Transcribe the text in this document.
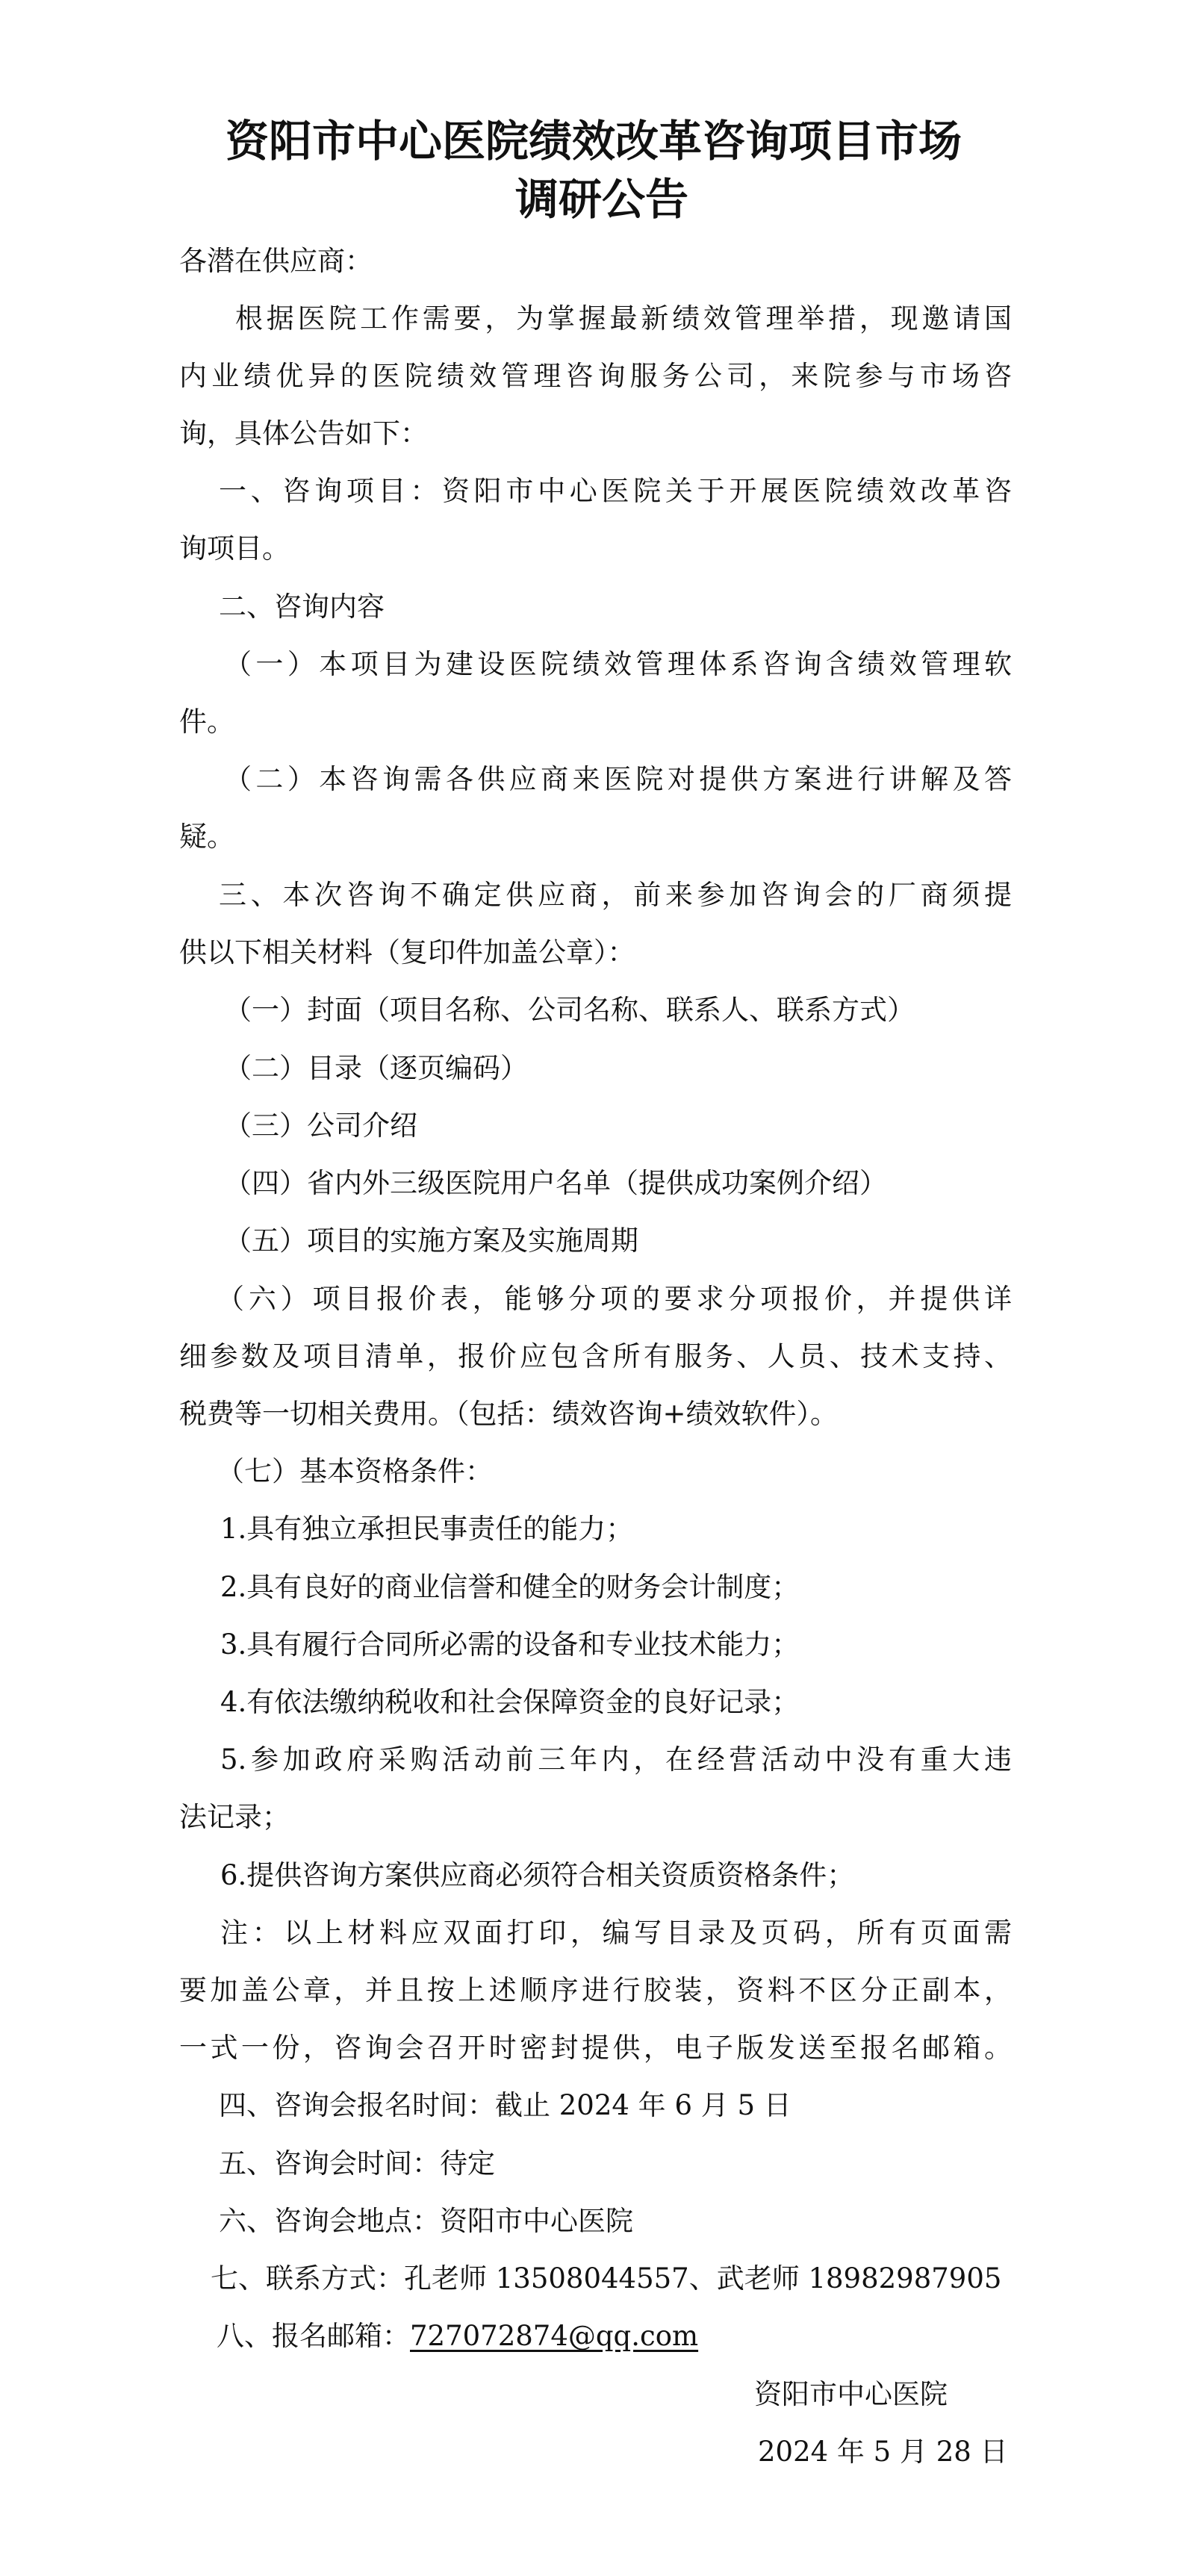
资阳市中心医院绩效改革咨询项目市场
调研公告
各潜在供应商：
根据医院工作需要，为掌握最新绩效管理举措，现邀请国
内业绩优异的医院绩效管理咨询服务公司，来院参与市场咨
询，具体公告如下：
一、咨询项目：资阳市中心医院关于开展医院绩效改革咨
询项目。
二、咨询内容
（一）本项目为建设医院绩效管理体系咨询含绩效管理软
件。
（二）本咨询需各供应商来医院对提供方案进行讲解及答
疑。
三、本次咨询不确定供应商，前来参加咨询会的厂商须提
供以下相关材料（复印件加盖公章）：
（一）封面（项目名称、公司名称、联系人、联系方式）
（二）目录（逐页编码）
（三）公司介绍
（四）省内外三级医院用户名单（提供成功案例介绍）
（五）项目的实施方案及实施周期
（六）项目报价表，能够分项的要求分项报价，并提供详
细参数及项目清单，报价应包含所有服务、人员、技术支持、
税费等一切相关费用。（包括：绩效咨询+绩效软件）。
（七）基本资格条件：
1.具有独立承担民事责任的能力；
2.具有良好的商业信誉和健全的财务会计制度；
3.具有履行合同所必需的设备和专业技术能力；
4.有依法缴纳税收和社会保障资金的良好记录；
5.参加政府采购活动前三年内，在经营活动中没有重大违
法记录；
6.提供咨询方案供应商必须符合相关资质资格条件；
注：以上材料应双面打印，编写目录及页码，所有页面需
要加盖公章，并且按上述顺序进行胶装，资料不区分正副本，
一式一份，咨询会召开时密封提供，电子版发送至报名邮箱。
四、咨询会报名时间：截止 2024 年 6 月 5 日
五、咨询会时间：待定
六、咨询会地点：资阳市中心医院
七、联系方式：孔老师 13508044557、武老师 18982987905
八、报名邮箱：727072874@qq.com
资阳市中心医院
2024 年 5 月 28 日
